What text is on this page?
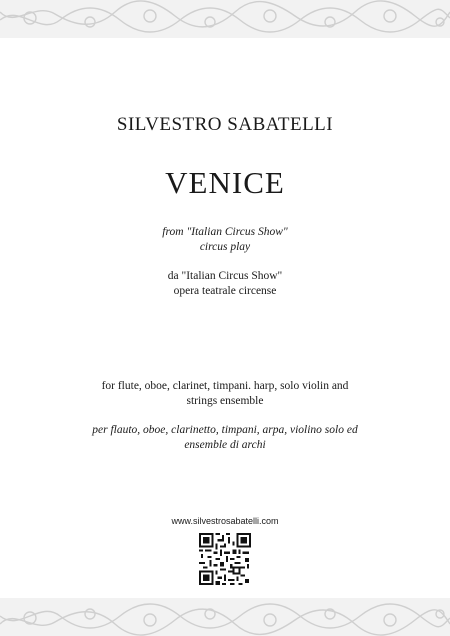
SILVESTRO SABATELLI
VENICE
from "Italian Circus Show"
circus play
da "Italian Circus Show"
opera teatrale circense
for flute, oboe, clarinet, timpani. harp, solo violin and
strings ensemble
per flauto, oboe, clarinetto, timpani, arpa, violino solo ed
ensemble di archi
www.silvestrosabatelli.com
